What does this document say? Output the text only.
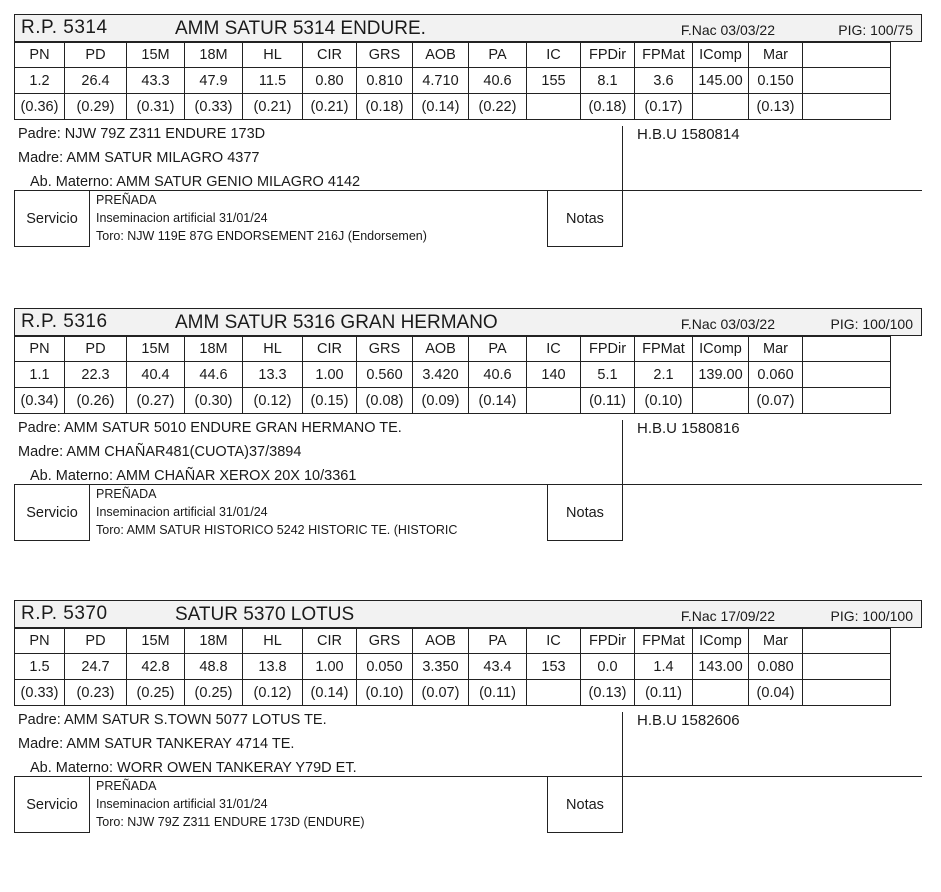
R.P. 5314	AMM SATUR 5314 ENDURE.	F.Nac 03/03/22	PIG: 100/75
PN	PD	15M	18M	HL	CIR	GRS	AOB	PA	IC	FPDir	FPMat	IComp	Mar	
1.2	26.4	43.3	47.9	11.5	0.80	0.810	4.710	40.6	155	8.1	3.6	145.00	0.150	
(0.36)	(0.29)	(0.31)	(0.33)	(0.21)	(0.21)	(0.18)	(0.14)	(0.22)		(0.18)	(0.17)		(0.13)	
Padre: NJW 79Z Z311 ENDURE 173D
Madre: AMM SATUR MILAGRO 4377
Ab. Materno: AMM SATUR GENIO MILAGRO 4142
H.B.U 1580814
Servicio
PREÑADA
Inseminacion artificial 31/01/24
Toro: NJW 119E 87G ENDORSEMENT 216J (Endorsemen)
Notas
R.P. 5316	AMM SATUR 5316 GRAN HERMANO	F.Nac 03/03/22	PIG: 100/100
PN	PD	15M	18M	HL	CIR	GRS	AOB	PA	IC	FPDir	FPMat	IComp	Mar	
1.1	22.3	40.4	44.6	13.3	1.00	0.560	3.420	40.6	140	5.1	2.1	139.00	0.060	
(0.34)	(0.26)	(0.27)	(0.30)	(0.12)	(0.15)	(0.08)	(0.09)	(0.14)		(0.11)	(0.10)		(0.07)	
Padre: AMM SATUR 5010 ENDURE GRAN HERMANO TE.
Madre: AMM CHAÑAR481(CUOTA)37/3894
Ab. Materno: AMM CHAÑAR XEROX 20X 10/3361
H.B.U 1580816
Servicio
PREÑADA
Inseminacion artificial 31/01/24
Toro: AMM SATUR HISTORICO 5242 HISTORIC TE. (HISTORIC
Notas
R.P. 5370	SATUR 5370 LOTUS	F.Nac 17/09/22	PIG: 100/100
PN	PD	15M	18M	HL	CIR	GRS	AOB	PA	IC	FPDir	FPMat	IComp	Mar	
1.5	24.7	42.8	48.8	13.8	1.00	0.050	3.350	43.4	153	0.0	1.4	143.00	0.080	
(0.33)	(0.23)	(0.25)	(0.25)	(0.12)	(0.14)	(0.10)	(0.07)	(0.11)		(0.13)	(0.11)		(0.04)	
Padre: AMM SATUR S.TOWN 5077 LOTUS TE.
Madre: AMM SATUR TANKERAY 4714 TE.
Ab. Materno: WORR OWEN TANKERAY Y79D ET.
H.B.U 1582606
Servicio
PREÑADA
Inseminacion artificial 31/01/24
Toro: NJW 79Z Z311 ENDURE 173D (ENDURE)
Notas
